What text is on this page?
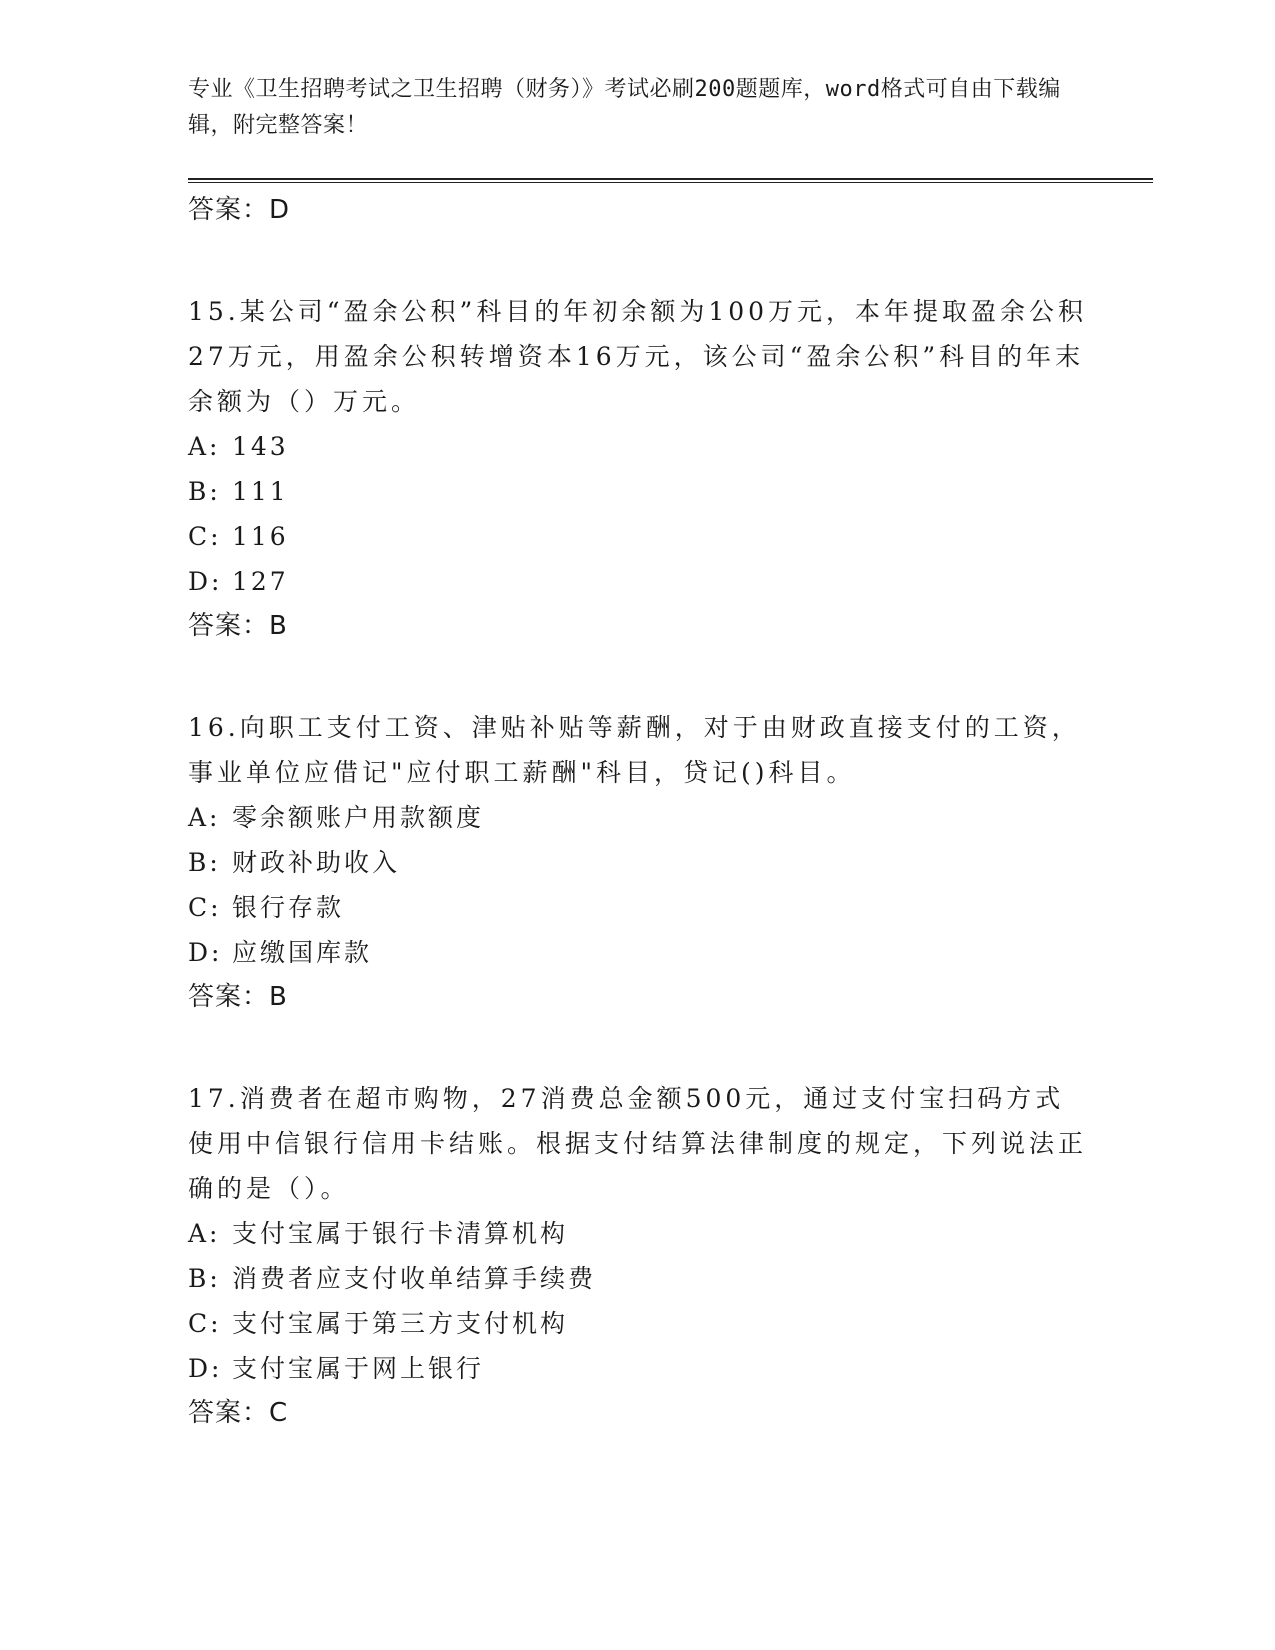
专业《卫生招聘考试之卫生招聘（财务）》考试必刷200题题库，word格式可自由下载编辑，附完整答案！
答案：D
15.某公司“盈余公积”科目的年初余额为100万元，本年提取盈余公积27万元，用盈余公积转增资本16万元，该公司“盈余公积”科目的年末余额为（）万元。
A: 143
B: 111
C: 116
D: 127
答案：B
16.向职工支付工资、津贴补贴等薪酬，对于由财政直接支付的工资，事业单位应借记"应付职工薪酬"科目，贷记()科目。
A: 零余额账户用款额度
B: 财政补助收入
C: 银行存款
D: 应缴国库款
答案：B
17.消费者在超市购物，27消费总金额500元，通过支付宝扫码方式使用中信银行信用卡结账。根据支付结算法律制度的规定，下列说法正确的是（）。
A: 支付宝属于银行卡清算机构
B: 消费者应支付收单结算手续费
C: 支付宝属于第三方支付机构
D: 支付宝属于网上银行
答案：C
